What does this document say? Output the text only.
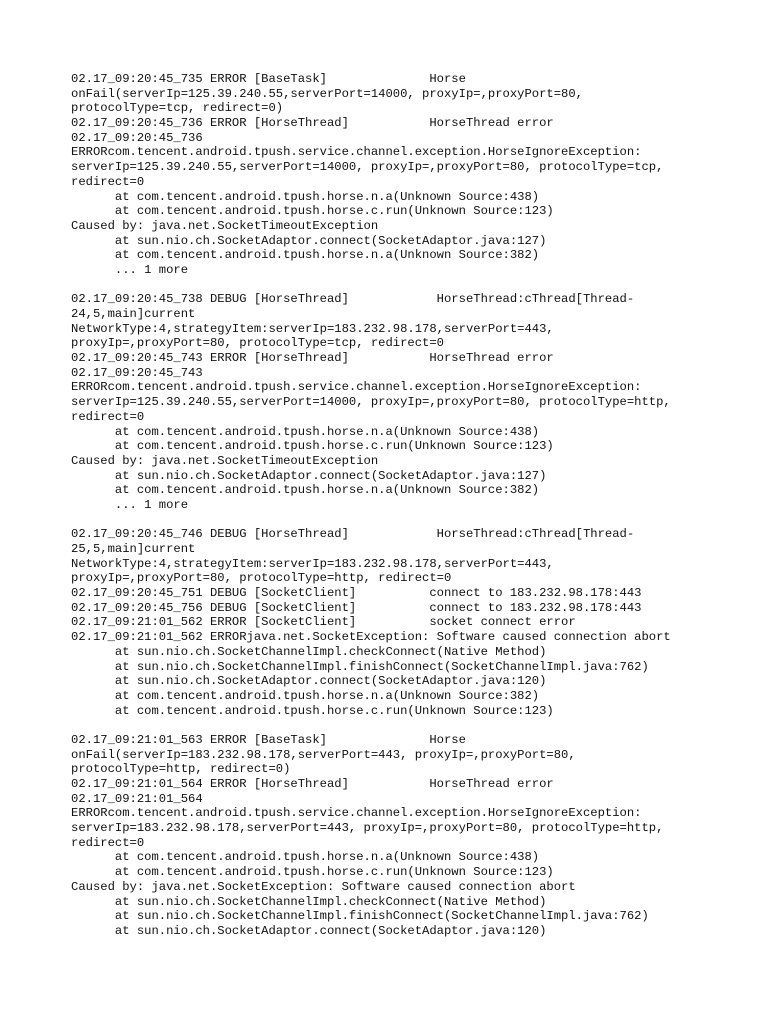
02.17_09:20:45_735 ERROR [BaseTask]              Horse
onFail(serverIp=125.39.240.55,serverPort=14000, proxyIp=,proxyPort=80,
protocolType=tcp, redirect=0)
02.17_09:20:45_736 ERROR [HorseThread]           HorseThread error
02.17_09:20:45_736
ERRORcom.tencent.android.tpush.service.channel.exception.HorseIgnoreException:
serverIp=125.39.240.55,serverPort=14000, proxyIp=,proxyPort=80, protocolType=tcp,
redirect=0
at com.tencent.android.tpush.horse.n.a(Unknown Source:438)
at com.tencent.android.tpush.horse.c.run(Unknown Source:123)
Caused by: java.net.SocketTimeoutException
at sun.nio.ch.SocketAdaptor.connect(SocketAdaptor.java:127)
at com.tencent.android.tpush.horse.n.a(Unknown Source:382)
... 1 more
02.17_09:20:45_738 DEBUG [HorseThread]            HorseThread:cThread[Thread-
24,5,main]current
NetworkType:4,strategyItem:serverIp=183.232.98.178,serverPort=443,
proxyIp=,proxyPort=80, protocolType=tcp, redirect=0
02.17_09:20:45_743 ERROR [HorseThread]           HorseThread error
02.17_09:20:45_743
ERRORcom.tencent.android.tpush.service.channel.exception.HorseIgnoreException:
serverIp=125.39.240.55,serverPort=14000, proxyIp=,proxyPort=80, protocolType=http,
redirect=0
at com.tencent.android.tpush.horse.n.a(Unknown Source:438)
at com.tencent.android.tpush.horse.c.run(Unknown Source:123)
Caused by: java.net.SocketTimeoutException
at sun.nio.ch.SocketAdaptor.connect(SocketAdaptor.java:127)
at com.tencent.android.tpush.horse.n.a(Unknown Source:382)
... 1 more
02.17_09:20:45_746 DEBUG [HorseThread]            HorseThread:cThread[Thread-
25,5,main]current
NetworkType:4,strategyItem:serverIp=183.232.98.178,serverPort=443,
proxyIp=,proxyPort=80, protocolType=http, redirect=0
02.17_09:20:45_751 DEBUG [SocketClient]          connect to 183.232.98.178:443
02.17_09:20:45_756 DEBUG [SocketClient]          connect to 183.232.98.178:443
02.17_09:21:01_562 ERROR [SocketClient]          socket connect error
02.17_09:21:01_562 ERRORjava.net.SocketException: Software caused connection abort
at sun.nio.ch.SocketChannelImpl.checkConnect(Native Method)
at sun.nio.ch.SocketChannelImpl.finishConnect(SocketChannelImpl.java:762)
at sun.nio.ch.SocketAdaptor.connect(SocketAdaptor.java:120)
at com.tencent.android.tpush.horse.n.a(Unknown Source:382)
at com.tencent.android.tpush.horse.c.run(Unknown Source:123)
02.17_09:21:01_563 ERROR [BaseTask]              Horse
onFail(serverIp=183.232.98.178,serverPort=443, proxyIp=,proxyPort=80,
protocolType=http, redirect=0)
02.17_09:21:01_564 ERROR [HorseThread]           HorseThread error
02.17_09:21:01_564
ERRORcom.tencent.android.tpush.service.channel.exception.HorseIgnoreException:
serverIp=183.232.98.178,serverPort=443, proxyIp=,proxyPort=80, protocolType=http,
redirect=0
at com.tencent.android.tpush.horse.n.a(Unknown Source:438)
at com.tencent.android.tpush.horse.c.run(Unknown Source:123)
Caused by: java.net.SocketException: Software caused connection abort
at sun.nio.ch.SocketChannelImpl.checkConnect(Native Method)
at sun.nio.ch.SocketChannelImpl.finishConnect(SocketChannelImpl.java:762)
at sun.nio.ch.SocketAdaptor.connect(SocketAdaptor.java:120)
